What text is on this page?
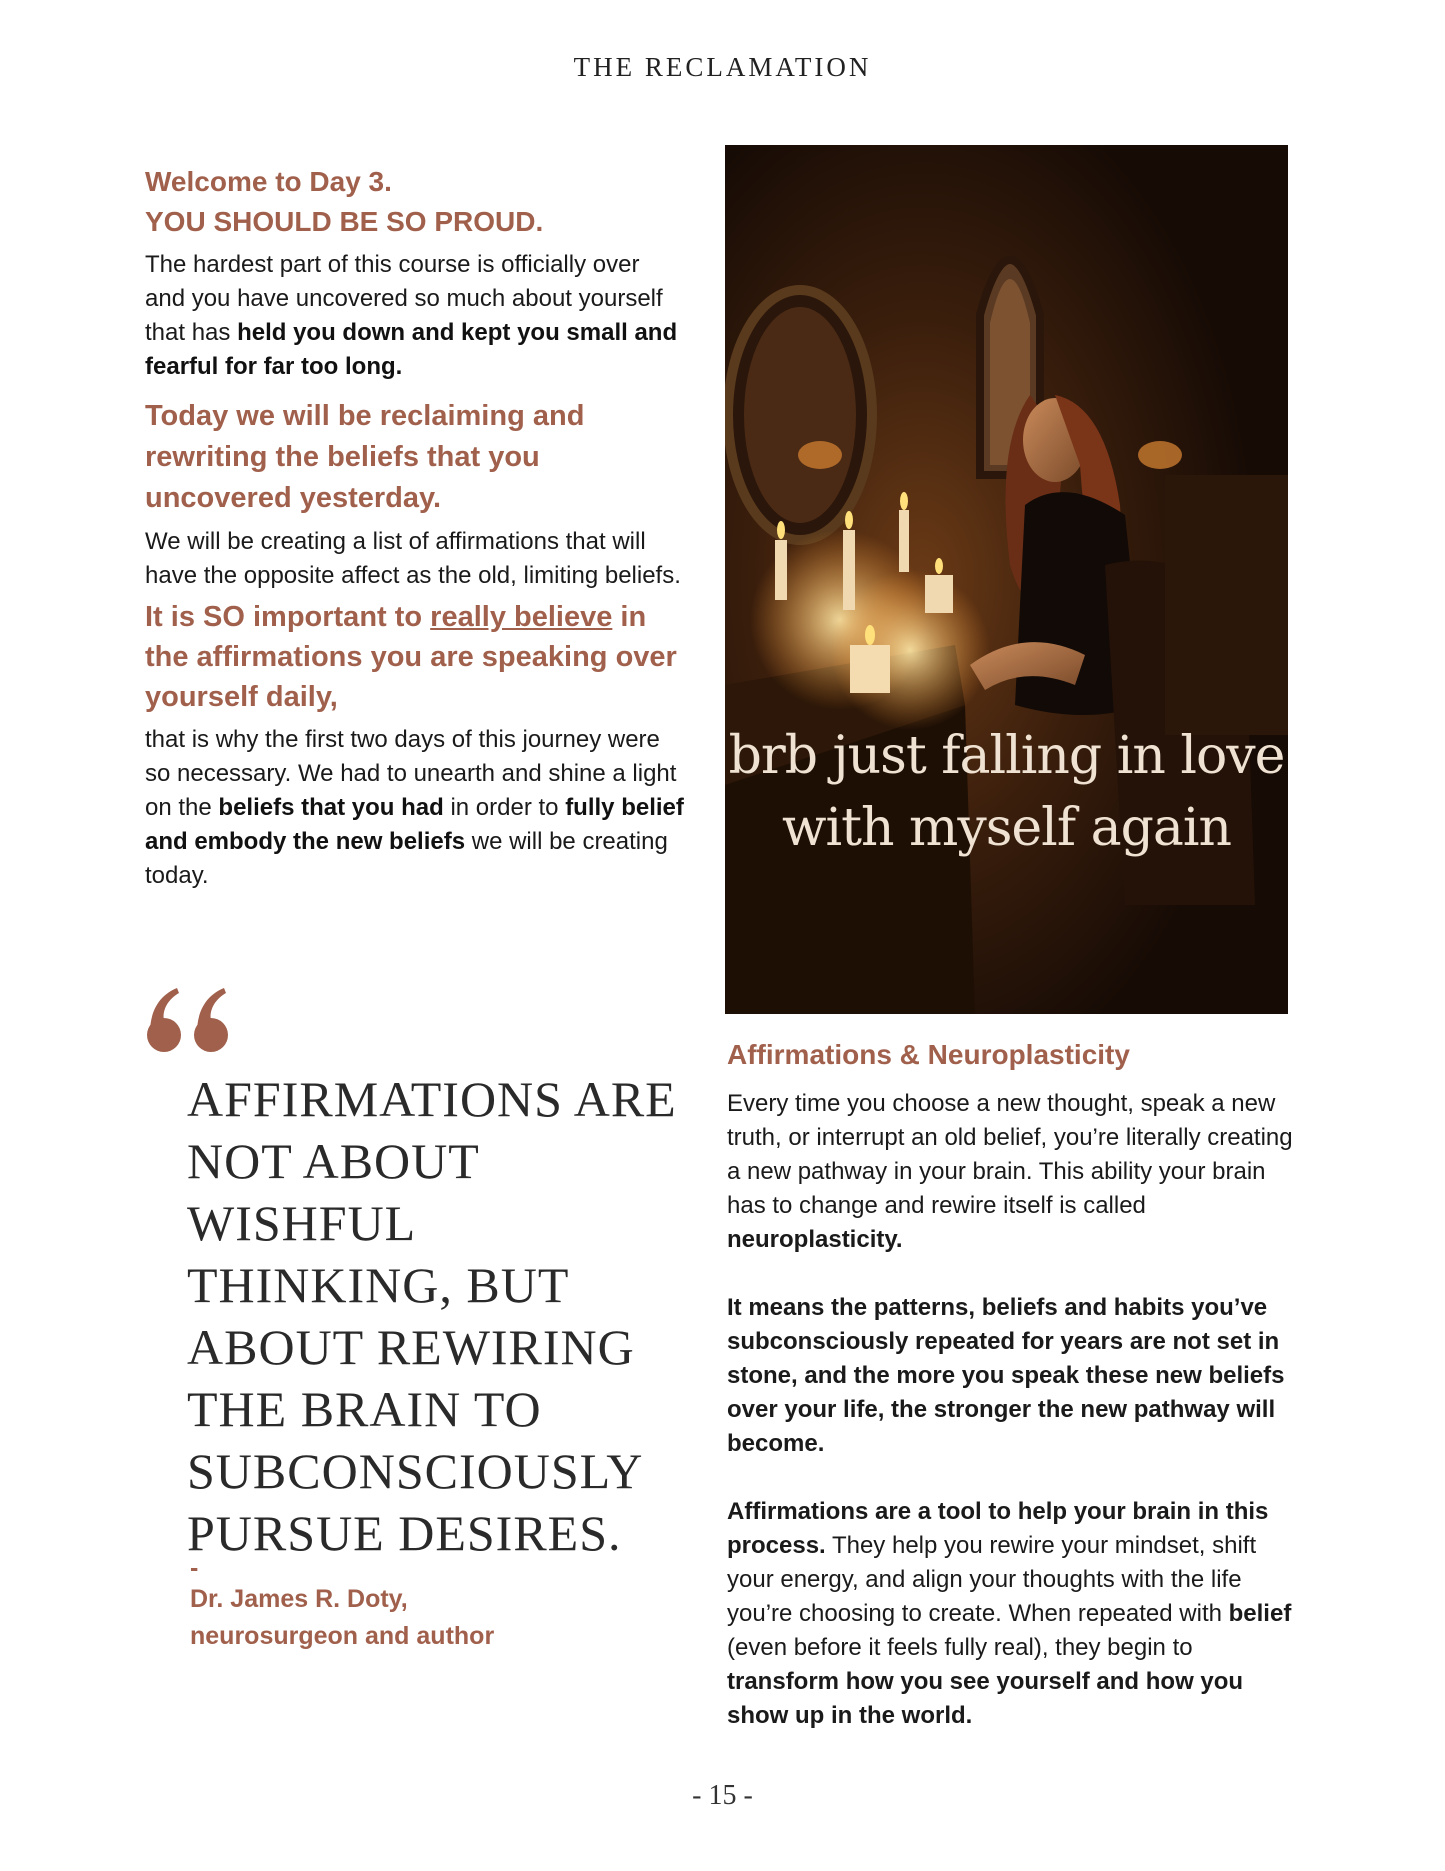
THE RECLAMATION

Welcome to Day 3.
YOU SHOULD BE SO PROUD.

The hardest part of this course is officially over and you have uncovered so much about yourself that has held you down and kept you small and fearful for far too long.

Today we will be reclaiming and rewriting the beliefs that you uncovered yesterday.

We will be creating a list of affirmations that will have the opposite affect as the old, limiting beliefs.

It is SO important to really believe in the affirmations you are speaking over yourself daily,

that is why the first two days of this journey were so necessary. We had to unearth and shine a light on the beliefs that you had in order to fully belief and embody the new beliefs we will be creating today.

AFFIRMATIONS ARE NOT ABOUT WISHFUL THINKING, BUT ABOUT REWIRING THE BRAIN TO SUBCONSCIOUSLY PURSUE DESIRES.
-
Dr. James R. Doty,
neurosurgeon and author
brb just falling in love with myself again

Affirmations & Neuroplasticity

Every time you choose a new thought, speak a new truth, or interrupt an old belief, you’re literally creating a new pathway in your brain. This ability your brain has to change and rewire itself is called neuroplasticity.

It means the patterns, beliefs and habits you’ve subconsciously repeated for years are not set in stone, and the more you speak these new beliefs over your life, the stronger the new pathway will become.

Affirmations are a tool to help your brain in this process. They help you rewire your mindset, shift your energy, and align your thoughts with the life you’re choosing to create. When repeated with belief (even before it feels fully real), they begin to transform how you see yourself and how you show up in the world.

- 15 -
